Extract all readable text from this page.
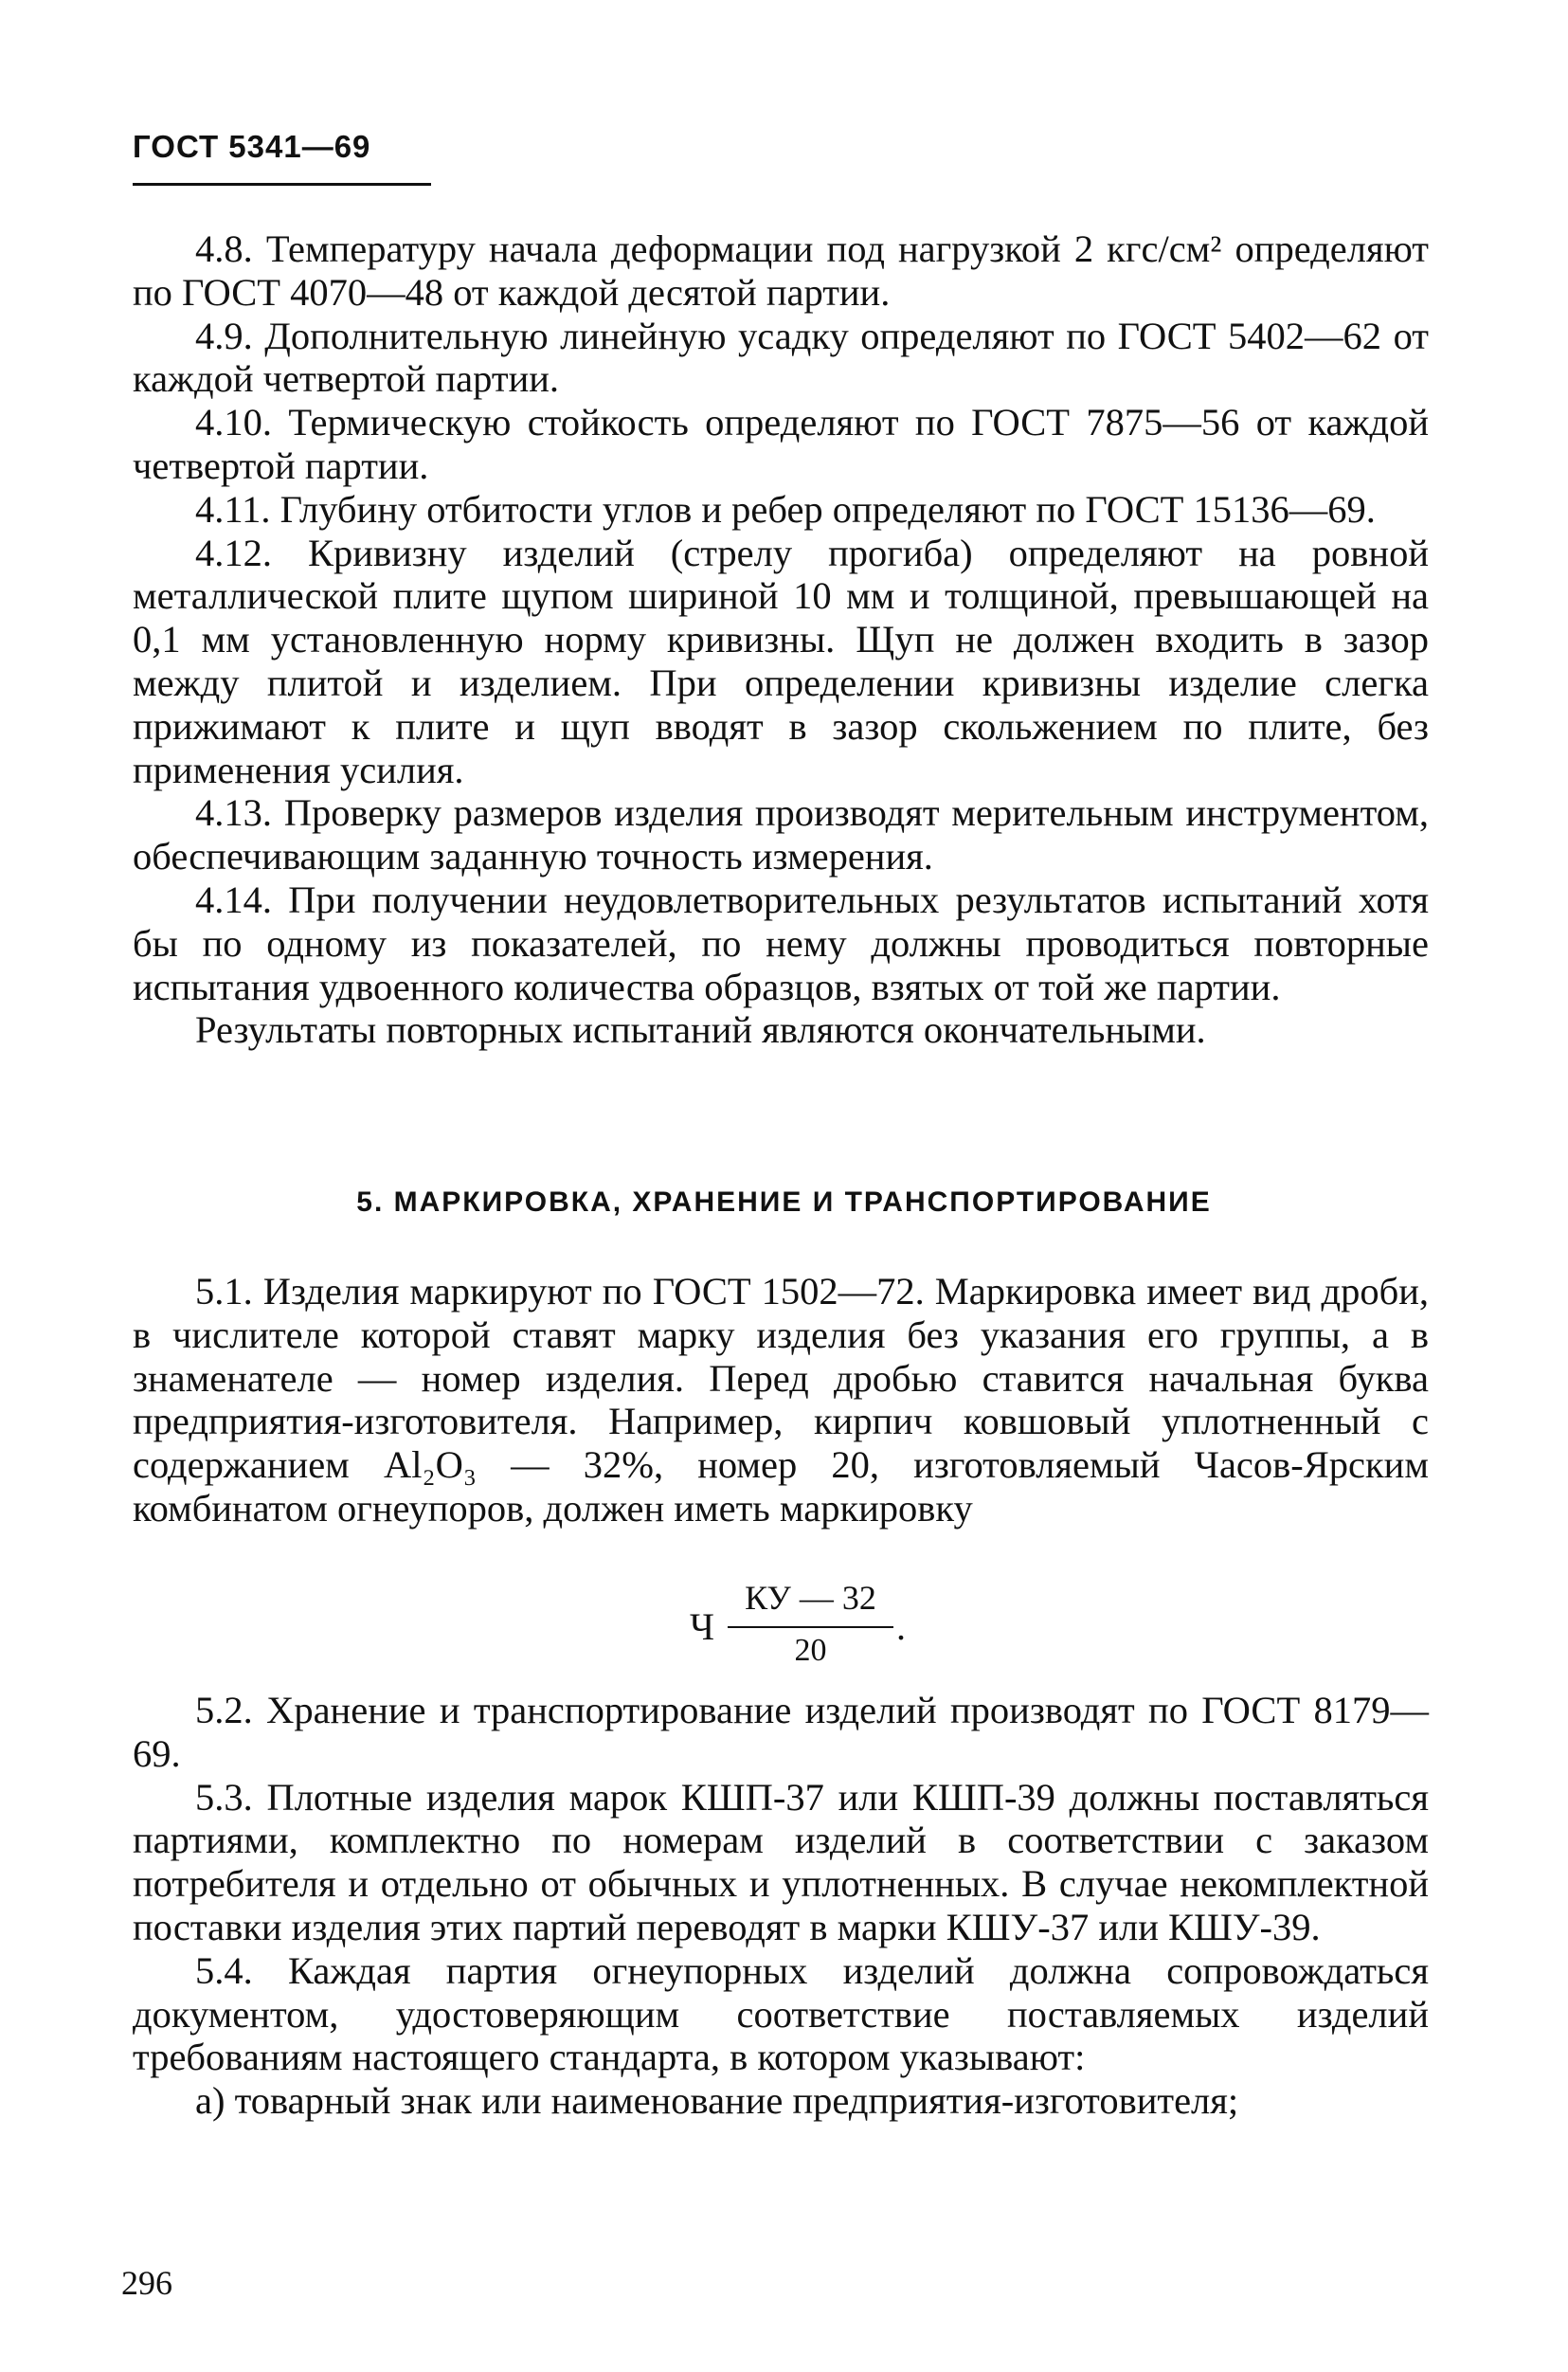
ГОСТ 5341—69

4.8. Температуру начала деформации под нагрузкой 2 кгс/см² определяют по ГОСТ 4070—48 от каждой десятой партии.

4.9. Дополнительную линейную усадку определяют по ГОСТ 5402—62 от каждой четвертой партии.

4.10. Термическую стойкость определяют по ГОСТ 7875—56 от каждой четвертой партии.

4.11. Глубину отбитости углов и ребер определяют по ГОСТ 15136—69.

4.12. Кривизну изделий (стрелу прогиба) определяют на ровной металлической плите щупом шириной 10 мм и толщиной, превышающей на 0,1 мм установленную норму кривизны. Щуп не должен входить в зазор между плитой и изделием. При определении кривизны изделие слегка прижимают к плите и щуп вводят в зазор скольжением по плите, без применения усилия.

4.13. Проверку размеров изделия производят мерительным инструментом, обеспечивающим заданную точность измерения.

4.14. При получении неудовлетворительных результатов испытаний хотя бы по одному из показателей, по нему должны проводиться повторные испытания удвоенного количества образцов, взятых от той же партии.

Результаты повторных испытаний являются окончательными.

5. МАРКИРОВКА, ХРАНЕНИЕ И ТРАНСПОРТИРОВАНИЕ

5.1. Изделия маркируют по ГОСТ 1502—72. Маркировка имеет вид дроби, в числителе которой ставят марку изделия без указания его группы, а в знаменателе — номер изделия. Перед дробью ставится начальная буква предприятия-изготовителя. Например, кирпич ковшовый уплотненный с содержанием Al₂O₃ — 32%, номер 20, изготовляемый Часов-Ярским комбинатом огнеупоров, должен иметь маркировку

Ч
КУ — 32
20
.

5.2. Хранение и транспортирование изделий производят по ГОСТ 8179—69.

5.3. Плотные изделия марок КШП-37 или КШП-39 должны поставляться партиями, комплектно по номерам изделий в соответствии с заказом потребителя и отдельно от обычных и уплотненных. В случае некомплектной поставки изделия этих партий переводят в марки КШУ-37 или КШУ-39.

5.4. Каждая партия огнеупорных изделий должна сопровождаться документом, удостоверяющим соответствие поставляемых изделий требованиям настоящего стандарта, в котором указывают:

а) товарный знак или наименование предприятия-изготовителя;

296
